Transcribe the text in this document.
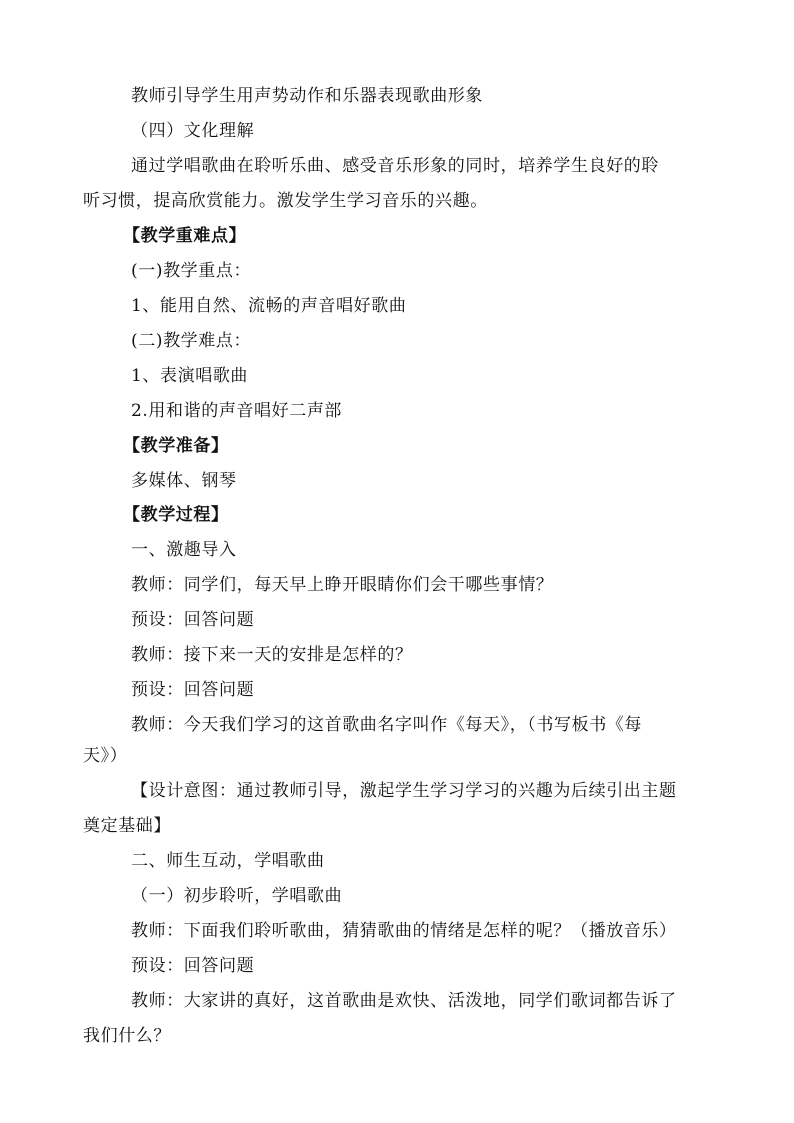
教师引导学生用声势动作和乐器表现歌曲形象
（四）文化理解
通过学唱歌曲在聆听乐曲、感受音乐形象的同时，培养学生良好的聆
听习惯，提高欣赏能力。激发学生学习音乐的兴趣。
【教学重难点】
(一)教学重点：
1、能用自然、流畅的声音唱好歌曲
(二)教学难点：
1、表演唱歌曲
2.用和谐的声音唱好二声部
【教学准备】
多媒体、钢琴
【教学过程】
一、激趣导入
教师：同学们，每天早上睁开眼睛你们会干哪些事情？
预设：回答问题
教师：接下来一天的安排是怎样的？
预设：回答问题
教师：今天我们学习的这首歌曲名字叫作《每天》，（书写板书《每
天》）
【设计意图：通过教师引导，激起学生学习学习的兴趣为后续引出主题
奠定基础】
二、师生互动，学唱歌曲
（一）初步聆听，学唱歌曲
教师：下面我们聆听歌曲，猜猜歌曲的情绪是怎样的呢？（播放音乐）
预设：回答问题
教师：大家讲的真好，这首歌曲是欢快、活泼地，同学们歌词都告诉了
我们什么？
